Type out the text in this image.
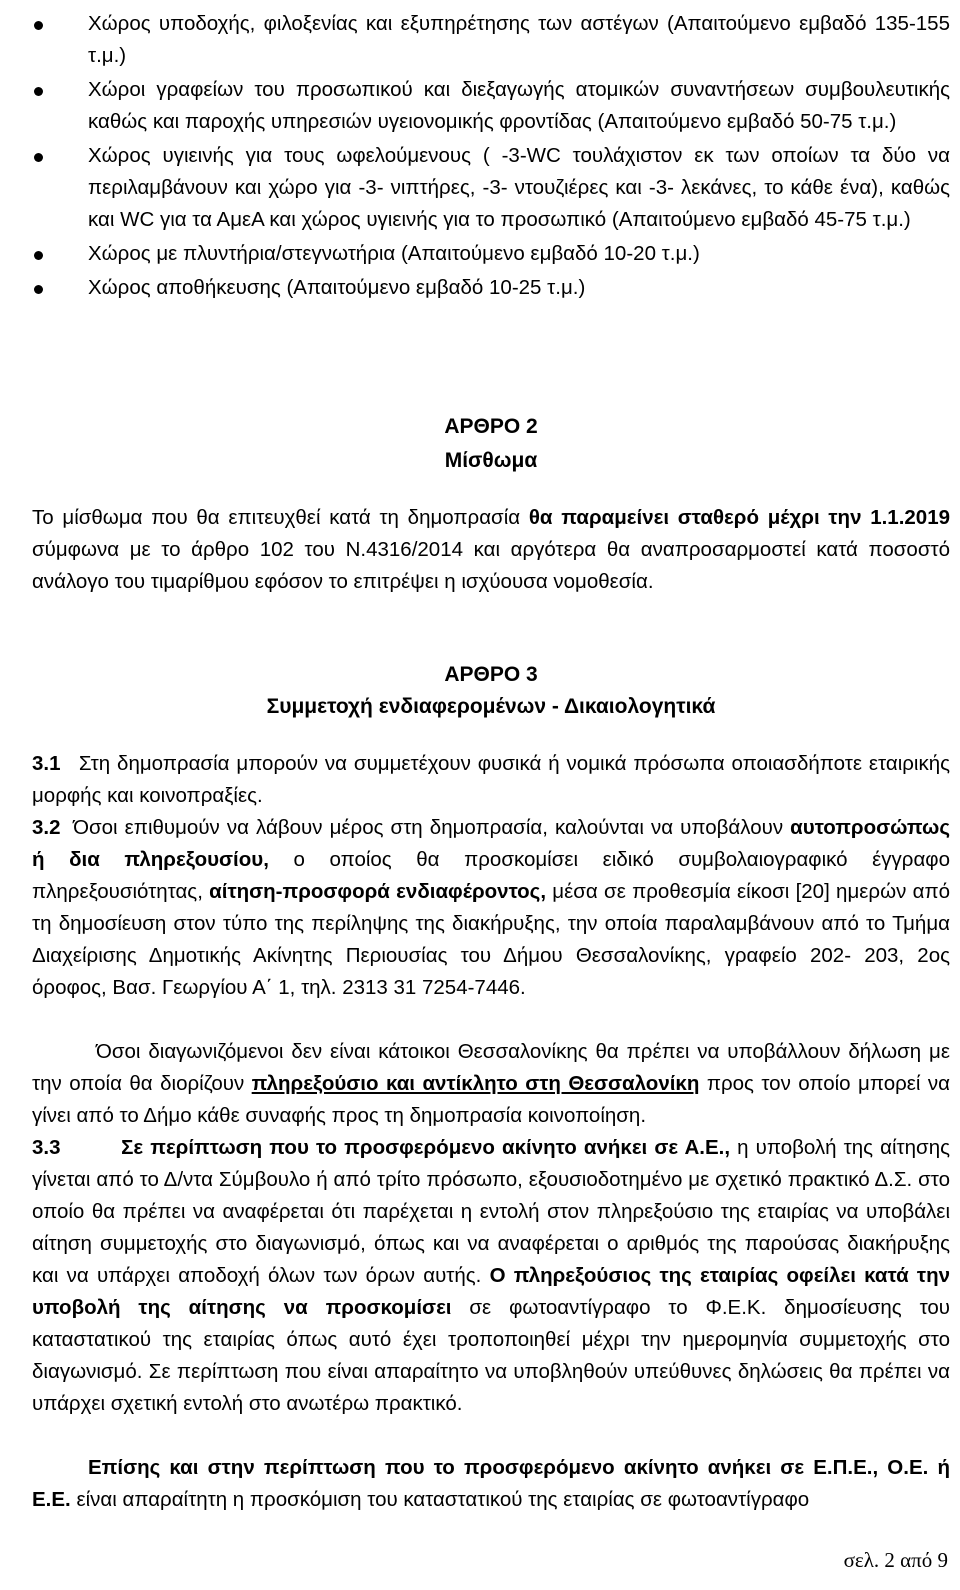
Χώρος υποδοχής, φιλοξενίας και εξυπηρέτησης των αστέγων (Απαιτούμενο εμβαδό 135-155 τ.μ.)
Χώροι γραφείων του προσωπικού και διεξαγωγής ατομικών συναντήσεων συμβουλευτικής καθώς και παροχής υπηρεσιών υγειονομικής φροντίδας (Απαιτούμενο εμβαδό 50-75 τ.μ.)
Χώρος υγιεινής για τους ωφελούμενους ( -3-WC τουλάχιστον εκ των οποίων τα δύο να περιλαμβάνουν και χώρο για -3- νιπτήρες, -3- ντουζιέρες και -3- λεκάνες, το κάθε ένα), καθώς και WC για τα ΑμεΑ και χώρος υγιεινής για το προσωπικό (Απαιτούμενο εμβαδό 45-75 τ.μ.)
Χώρος με πλυντήρια/στεγνωτήρια (Απαιτούμενο εμβαδό 10-20 τ.μ.)
Χώρος αποθήκευσης (Απαιτούμενο εμβαδό 10-25 τ.μ.)
ΑΡΘΡΟ 2
Μίσθωμα
Το μίσθωμα που θα επιτευχθεί κατά τη δημοπρασία θα παραμείνει σταθερό μέχρι την 1.1.2019 σύμφωνα με το άρθρο 102 του Ν.4316/2014 και αργότερα θα αναπροσαρμοστεί κατά ποσοστό ανάλογο του τιμαρίθμου εφόσον το επιτρέψει η ισχύουσα νομοθεσία.
ΑΡΘΡΟ 3
Συμμετοχή ενδιαφερομένων - Δικαιολογητικά
3.1 Στη δημοπρασία μπορούν να συμμετέχουν φυσικά ή νομικά πρόσωπα οποιασδήποτε εταιρικής μορφής και κοινοπραξίες.
3.2 Όσοι επιθυμούν να λάβουν μέρος στη δημοπρασία, καλούνται να υποβάλουν αυτοπροσώπως ή δια πληρεξουσίου, ο οποίος θα προσκομίσει ειδικό συμβολαιογραφικό έγγραφο πληρεξουσιότητας, αίτηση-προσφορά ενδιαφέροντος, μέσα σε προθεσμία είκοσι [20] ημερών από τη δημοσίευση στον τύπο της περίληψης της διακήρυξης, την οποία παραλαμβάνουν από το Τμήμα Διαχείρισης Δημοτικής Ακίνητης Περιουσίας του Δήμου Θεσσαλονίκης, γραφείο 202- 203, 2ος όροφος, Βασ. Γεωργίου Α΄ 1, τηλ. 2313 31 7254-7446.
Όσοι διαγωνιζόμενοι δεν είναι κάτοικοι Θεσσαλονίκης θα πρέπει να υποβάλλουν δήλωση με την οποία θα διορίζουν πληρεξούσιο και αντίκλητο στη Θεσσαλονίκη προς τον οποίο μπορεί να γίνει από το Δήμο κάθε συναφής προς τη δημοπρασία κοινοποίηση.
3.3	Σε περίπτωση που το προσφερόμενο ακίνητο ανήκει σε Α.Ε., η υποβολή της αίτησης γίνεται από το Δ/ντα Σύμβουλο ή από τρίτο πρόσωπο, εξουσιοδοτημένο με σχετικό πρακτικό Δ.Σ. στο οποίο θα πρέπει να αναφέρεται ότι παρέχεται η εντολή στον πληρεξούσιο της εταιρίας να υποβάλει αίτηση συμμετοχής στο διαγωνισμό, όπως και να αναφέρεται ο αριθμός της παρούσας διακήρυξης και να υπάρχει αποδοχή όλων των όρων αυτής. Ο πληρεξούσιος της εταιρίας οφείλει κατά την υποβολή της αίτησης να προσκομίσει σε φωτοαντίγραφο το Φ.Ε.Κ. δημοσίευσης του καταστατικού της εταιρίας όπως αυτό έχει τροποποιηθεί μέχρι την ημερομηνία συμμετοχής στο διαγωνισμό. Σε περίπτωση που είναι απαραίτητο να υποβληθούν υπεύθυνες δηλώσεις θα πρέπει να υπάρχει σχετική εντολή στο ανωτέρω πρακτικό.
Επίσης και στην περίπτωση που το προσφερόμενο ακίνητο ανήκει σε Ε.Π.Ε., Ο.Ε. ή Ε.Ε. είναι απαραίτητη η προσκόμιση του καταστατικού της εταιρίας σε φωτοαντίγραφο
σελ. 2 από 9
